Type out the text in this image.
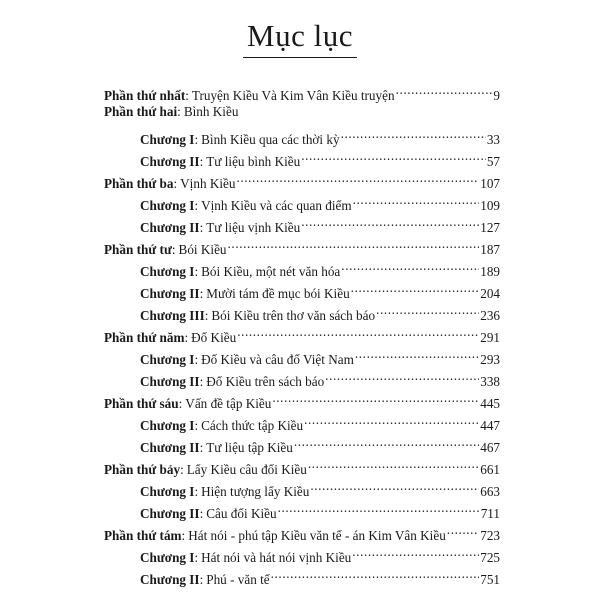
Mục lục
Phần thứ nhất : Truyện Kiều Và Kim Vân Kiều truyện .....	9
Phần thứ hai : Bình Kiều
Chương I : Bình Kiều qua các thời kỳ .....	33
Chương II : Tư liệu bình Kiều .....	57
Phần thứ ba : Vịnh Kiều .....	107
Chương I : Vịnh Kiều và các quan điểm .....	109
Chương II : Tư liệu vịnh Kiều .....	127
Phần thứ tư : Bói Kiều .....	187
Chương I : Bói Kiều, một nét văn hóa .....	189
Chương II : Mười tám đề mục bói Kiều .....	204
Chương III : Bói Kiều trên thơ văn sách báo .....	236
Phần thứ năm : Đố Kiều .....	291
Chương I : Đố Kiều và câu đố Việt Nam .....	293
Chương II : Đố Kiều trên sách báo .....	338
Phần thứ sáu : Vấn đề tập Kiều .....	445
Chương I : Cách thức tập Kiều .....	447
Chương II : Tư liệu tập Kiều .....	467
Phần thứ bảy : Lẩy Kiều câu đối Kiều .....	661
Chương I : Hiện tượng lẩy Kiều .....	663
Chương II : Câu đối Kiều .....	711
Phần thứ tám : Hát nói - phú tập Kiều văn tế - án Kim Vân Kiều .....	723
Chương I : Hát nói và hát nói vịnh Kiều .....	725
Chương II : Phú - văn tế .....	751
